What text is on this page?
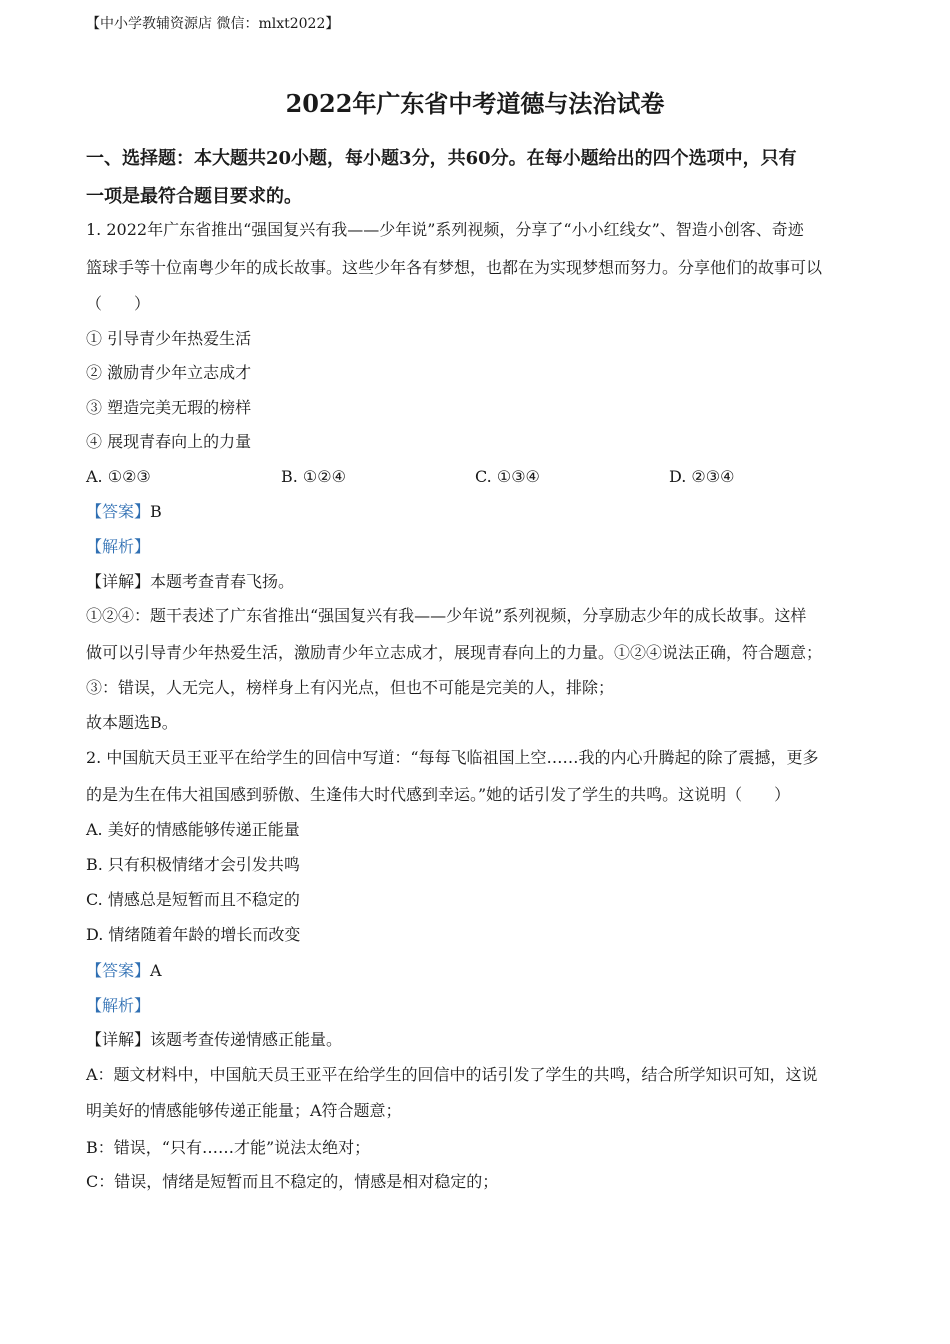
【中小学教辅资源店 微信：mlxt2022】
2022年广东省中考道德与法治试卷
一、选择题：本大题共20小题，每小题3分，共60分。在每小题给出的四个选项中，只有
一项是最符合题目要求的。
1. 2022年广东省推出“强国复兴有我——少年说”系列视频，分享了“小小红线女”、智造小创客、奇迹
篮球手等十位南粤少年的成长故事。这些少年各有梦想，也都在为实现梦想而努力。分享他们的故事可以
（　　）
① 引导青少年热爱生活
② 激励青少年立志成才
③ 塑造完美无瑕的榜样
④ 展现青春向上的力量
A. ①②③	B. ①②④	C. ①③④	D. ②③④
【答案】B
【解析】
【详解】本题考查青春飞扬。
①②④：题干表述了广东省推出“强国复兴有我——少年说”系列视频，分享励志少年的成长故事。这样
做可以引导青少年热爱生活，激励青少年立志成才，展现青春向上的力量。①②④说法正确，符合题意；
③：错误，人无完人，榜样身上有闪光点，但也不可能是完美的人，排除；
故本题选B。
2. 中国航天员王亚平在给学生的回信中写道：“每每飞临祖国上空……我的内心升腾起的除了震撼，更多
的是为生在伟大祖国感到骄傲、生逢伟大时代感到幸运。”她的话引发了学生的共鸣。这说明（　　）
A. 美好的情感能够传递正能量
B. 只有积极情绪才会引发共鸣
C. 情感总是短暂而且不稳定的
D. 情绪随着年龄的增长而改变
【答案】A
【解析】
【详解】该题考查传递情感正能量。
A：题文材料中，中国航天员王亚平在给学生的回信中的话引发了学生的共鸣，结合所学知识可知，这说
明美好的情感能够传递正能量；A符合题意；
B：错误，“只有……才能”说法太绝对；
C：错误，情绪是短暂而且不稳定的，情感是相对稳定的；
